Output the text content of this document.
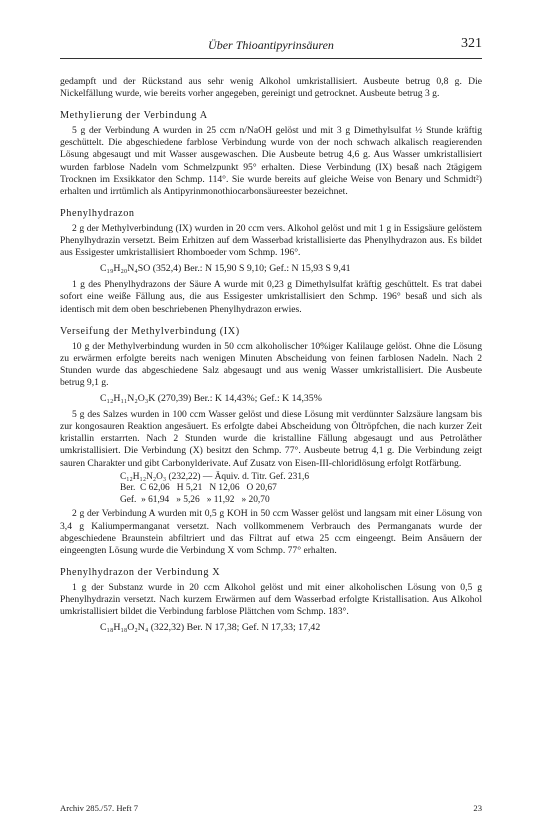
Über Thioantipyrinsäuren	321

gedampft und der Rückstand aus sehr wenig Alkohol umkristallisiert. Ausbeute betrug 0,8 g. Die Nickelfällung wurde, wie bereits vorher angegeben, gereinigt und getrocknet. Ausbeute betrug 3 g.

Methylierung der Verbindung A

5 g der Verbindung A wurden in 25 ccm n/NaOH gelöst und mit 3 g Dimethylsulfat ½ Stunde kräftig geschüttelt. Die abgeschiedene farblose Verbindung wurde von der noch schwach alkalisch reagierenden Lösung abgesaugt und mit Wasser ausgewaschen. Die Ausbeute betrug 4,6 g. Aus Wasser umkristallisiert wurden farblose Nadeln vom Schmelzpunkt 95° erhalten. Diese Verbindung (IX) besaß nach 2tägigem Trocknen im Exsikkator den Schmp. 114°. Sie wurde bereits auf gleiche Weise von Benary und Schmidt²) erhalten und irrtümlich als Antipyrinmonothiocarbonsäureester bezeichnet.

Phenylhydrazon

2 g der Methylverbindung (IX) wurden in 20 ccm vers. Alkohol gelöst und mit 1 g in Essigsäure gelöstem Phenylhydrazin versetzt. Beim Erhitzen auf dem Wasserbad kristallisierte das Phenylhydrazon aus. Es bildet aus Essigester umkristallisiert Rhomboeder vom Schmp. 196°.

C₁₉H₂₀N₄SO (352,4) Ber.: N 15,90 S 9,10; Gef.: N 15,93 S 9,41

1 g des Phenylhydrazons der Säure A wurde mit 0,23 g Dimethylsulfat kräftig geschüttelt. Es trat dabei sofort eine weiße Fällung aus, die aus Essigester umkristallisiert den Schmp. 196° besaß und sich als identisch mit dem oben beschriebenen Phenylhydrazon erwies.

Verseifung der Methylverbindung (IX)

10 g der Methylverbindung wurden in 50 ccm alkoholischer 10%iger Kalilauge gelöst. Ohne die Lösung zu erwärmen erfolgte bereits nach wenigen Minuten Abscheidung von feinen farblosen Nadeln. Nach 2 Stunden wurde das abgeschiedene Salz abgesaugt und aus wenig Wasser umkristallisiert. Die Ausbeute betrug 9,1 g.

C₁₂H₁₁N₂O₃K (270,39) Ber.: K 14,43%; Gef.: K 14,35%

5 g des Salzes wurden in 100 ccm Wasser gelöst und diese Lösung mit verdünnter Salzsäure langsam bis zur kongosauren Reaktion angesäuert. Es erfolgte dabei Abscheidung von Öltröpfchen, die nach kurzer Zeit kristallin erstarrten. Nach 2 Stunden wurde die kristalline Fällung abgesaugt und aus Petroläther umkristallisiert. Die Verbindung (X) besitzt den Schmp. 77°. Ausbeute betrug 4,1 g. Die Verbindung zeigt sauren Charakter und gibt Carbonylderivate. Auf Zusatz von Eisen-III-chloridlösung erfolgt Rotfärbung.

C₁₂H₁₂N₂O₃ (232,22) — Äquiv. d. Titr. Gef. 231,6
Ber.  C 62,06   H 5,21   N 12,06   O 20,67
Gef.  » 61,94   » 5,26   » 11,92   » 20,70

2 g der Verbindung A wurden mit 0,5 g KOH in 50 ccm Wasser gelöst und langsam mit einer Lösung von 3,4 g Kaliumpermanganat versetzt. Nach vollkommenem Verbrauch des Permanganats wurde der abgeschiedene Braunstein abfiltriert und das Filtrat auf etwa 25 ccm eingeengt. Beim Ansäuern der eingeengten Lösung wurde die Verbindung X vom Schmp. 77° erhalten.

Phenylhydrazon der Verbindung X

1 g der Substanz wurde in 20 ccm Alkohol gelöst und mit einer alkoholischen Lösung von 0,5 g Phenylhydrazin versetzt. Nach kurzem Erwärmen auf dem Wasserbad erfolgte Kristallisation. Aus Alkohol umkristallisiert bildet die Verbindung farblose Plättchen vom Schmp. 183°.

C₁₈H₁₈O₂N₄ (322,32) Ber. N 17,38; Gef. N 17,33; 17,42
Archiv 285./57. Heft 7	23
